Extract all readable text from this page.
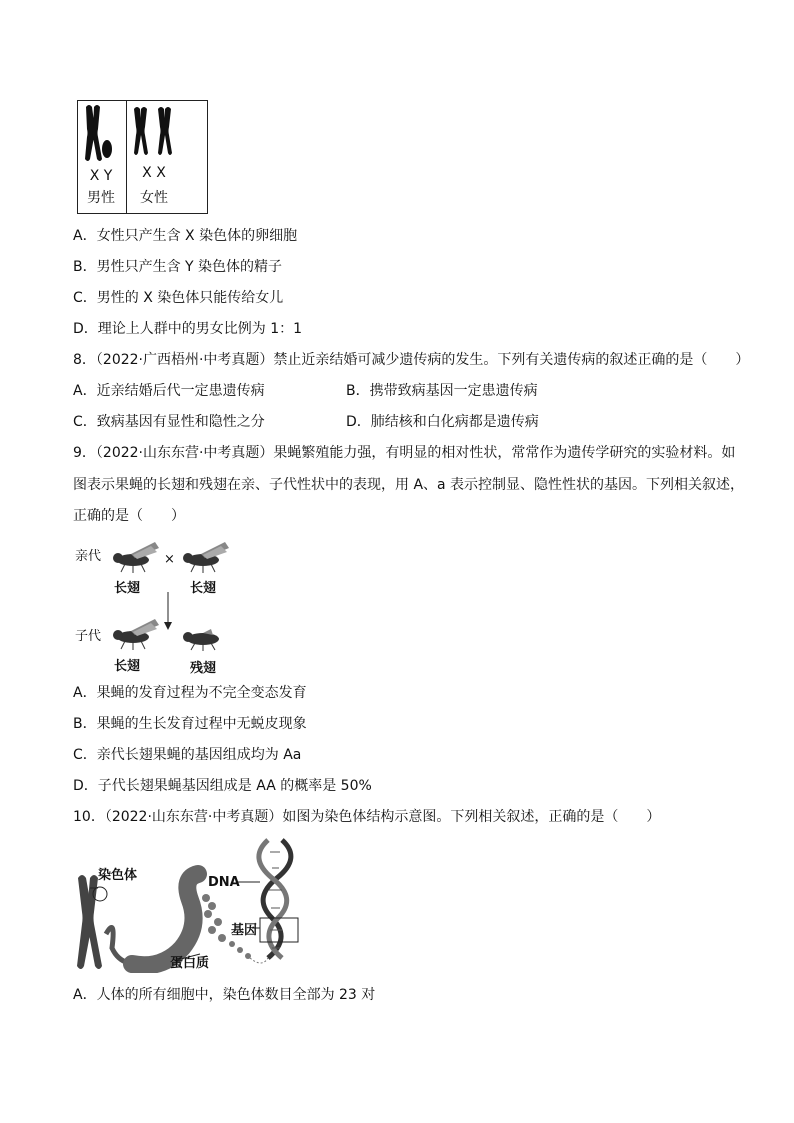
X Y
男性
X X
女性
A．女性只产生含 X 染色体的卵细胞
B．男性只产生含 Y 染色体的精子
C．男性的 X 染色体只能传给女儿
D．理论上人群中的男女比例为 1：1
8．（2022·广西梧州·中考真题）禁止近亲结婚可减少遗传病的发生。下列有关遗传病的叙述正确的是（　　）
A．近亲结婚后代一定患遗传病	B．携带致病基因一定患遗传病
C．致病基因有显性和隐性之分	D．肺结核和白化病都是遗传病
9．（2022·山东东营·中考真题）果蝇繁殖能力强，有明显的相对性状，常常作为遗传学研究的实验材料。如
图表示果蝇的长翅和残翅在亲、子代性状中的表现，用 A、a 表示控制显、隐性性状的基因。下列相关叙述，
正确的是（　　）
亲代	×
长翅	长翅
子代
长翅	残翅
A．果蝇的发育过程为不完全变态发育
B．果蝇的生长发育过程中无蜕皮现象
C．亲代长翅果蝇的基因组成均为 Aa
D．子代长翅果蝇基因组成是 AA 的概率是 50%
10．（2022·山东东营·中考真题）如图为染色体结构示意图。下列相关叙述，正确的是（　　）
染色体	DNA
基因
蛋白质
A．人体的所有细胞中，染色体数目全部为 23 对
